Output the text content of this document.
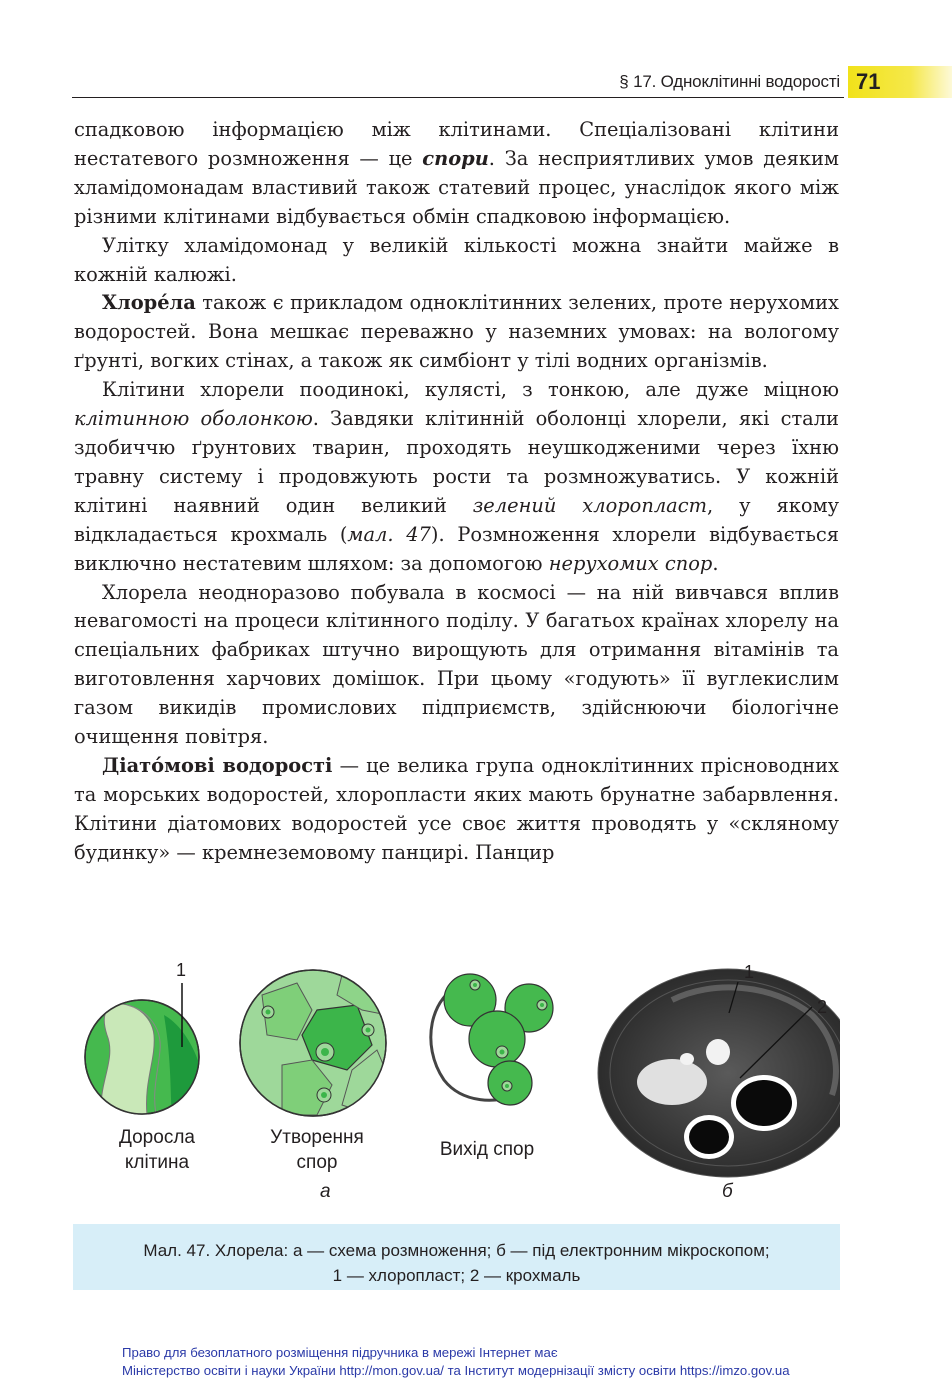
§ 17. Одноклітинні водорості 71

спадковою інформацією між клітинами. Спеціалізовані клітини нестатевого розмноження — це спори. За несприятливих умов деяким хламідомонадам властивий також статевий процес, унаслідок якого між різними клітинами відбувається обмін спадковою інформацією.

Улітку хламідомонад у великій кількості можна знайти майже в кожній калюжі.

Хлоре́ла також є прикладом одноклітинних зелених, проте нерухомих водоростей. Вона мешкає переважно у наземних умовах: на вологому ґрунті, вогких стінах, а також як симбіонт у тілі водних організмів.

Клітини хлорели поодинокі, кулясті, з тонкою, але дуже міцною клітинною оболонкою. Завдяки клітинній оболонці хлорели, які стали здобиччю ґрунтових тварин, проходять неушкодженими через їхню травну систему і продовжують рости та розмножуватись. У кожній клітині наявний один великий зелений хлоропласт, у якому відкладається крохмаль (мал. 47). Розмноження хлорели відбувається виключно нестатевим шляхом: за допомогою нерухомих спор.

Хлорела неодноразово побувала в космосі — на ній вивчався вплив невагомості на процеси клітинного поділу. У багатьох країнах хлорелу на спеціальних фабриках штучно вирощують для отримання вітамінів та виготовлення харчових домішок. При цьому «годують» її вуглекислим газом викидів промислових підприємств, здійснюючи біологічне очищення повітря.

Діато́мові водорості — це велика група одноклітинних прісноводних та морських водоростей, хлоропласти яких мають брунатне забарвлення. Клітини діатомових водоростей усе своє життя проводять у «скляному будинку» — кремнеземовому панцирі. Панцир

1	1
2
Доросла
клітина
Утворення
спор
Вихід спор
а	б
Мал. 47. Хлорела: а — схема розмноження; б — під електронним мікроскопом;
1 — хлоропласт; 2 — крохмаль
Право для безоплатного розміщення підручника в мережі Інтернет має
Міністерство освіти і науки України http://mon.gov.ua/ та Інститут модернізації змісту освіти https://imzo.gov.ua
